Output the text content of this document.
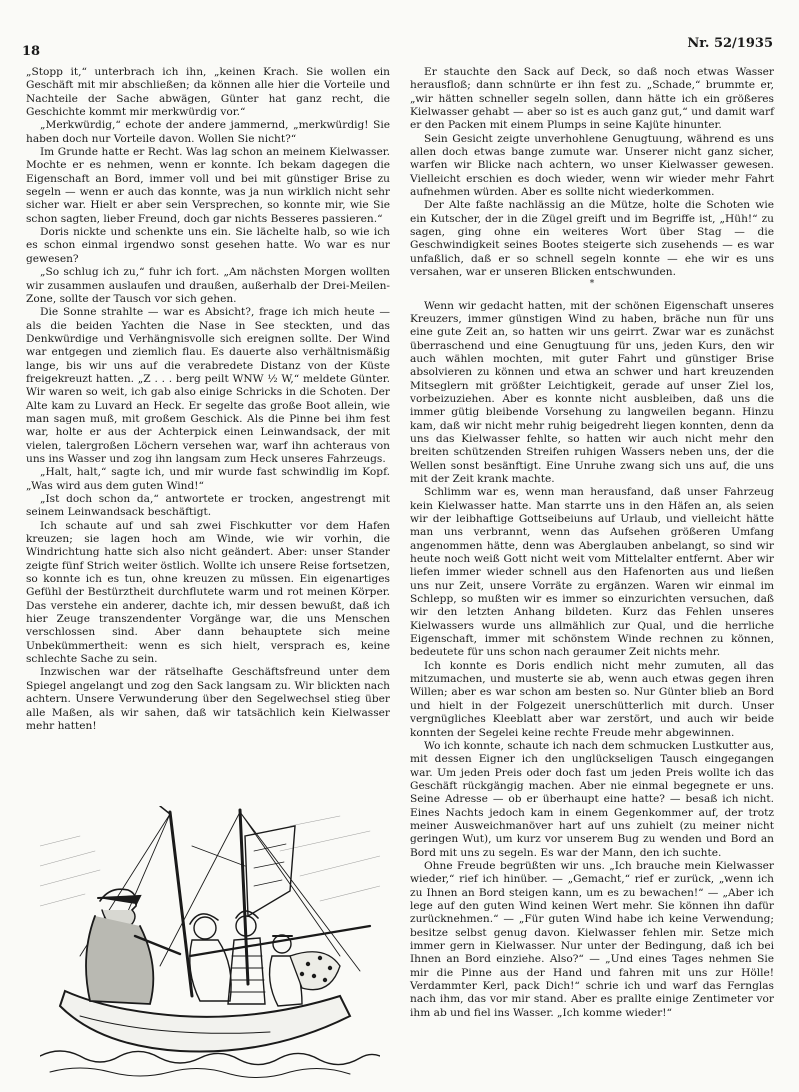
18
Nr. 52/1935

„Stopp it,“ unterbrach ich ihn, „keinen Krach. Sie wollen ein Geschäft mit mir abschließen; da können alle hier die Vorteile und Nachteile der Sache abwägen, Günter hat ganz recht, die Geschichte kommt mir merkwürdig vor.“

„Merkwürdig,“ echote der andere jammernd, „merkwürdig! Sie haben doch nur Vorteile davon. Wollen Sie nicht?“

Im Grunde hatte er Recht. Was lag schon an meinem Kielwasser. Mochte er es nehmen, wenn er konnte. Ich bekam dagegen die Eigenschaft an Bord, immer voll und bei mit günstiger Brise zu segeln — wenn er auch das konnte, was ja nun wirklich nicht sehr sicher war. Hielt er aber sein Versprechen, so konnte mir, wie Sie schon sagten, lieber Freund, doch gar nichts Besseres passieren.“

Doris nickte und schenkte uns ein. Sie lächelte halb, so wie ich es schon einmal irgendwo sonst gesehen hatte. Wo war es nur gewesen?

„So schlug ich zu,“ fuhr ich fort. „Am nächsten Morgen wollten wir zusammen auslaufen und draußen, außerhalb der Drei-Meilen-Zone, sollte der Tausch vor sich gehen.

Die Sonne strahlte — war es Absicht?, frage ich mich heute — als die beiden Yachten die Nase in See steckten, und das Denkwürdige und Verhängnisvolle sich ereignen sollte. Der Wind war entgegen und ziemlich flau. Es dauerte also verhältnismäßig lange, bis wir uns auf die verabredete Distanz von der Küste freigekreuzt hatten. „Z . . . berg peilt WNW ½ W,“ meldete Günter. Wir waren so weit, ich gab also einige Schricks in die Schoten. Der Alte kam zu Luvard an Heck. Er segelte das große Boot allein, wie man sagen muß, mit großem Geschick. Als die Pinne bei ihm fest war, holte er aus der Achterpick einen Leinwandsack, der mit vielen, talergroßen Löchern versehen war, warf ihn achteraus von uns ins Wasser und zog ihn langsam zum Heck unseres Fahrzeugs.

„Halt, halt,“ sagte ich, und mir wurde fast schwindlig im Kopf. „Was wird aus dem guten Wind!“

„Ist doch schon da,“ antwortete er trocken, angestrengt mit seinem Leinwandsack beschäftigt.

Ich schaute auf und sah zwei Fischkutter vor dem Hafen kreuzen; sie lagen hoch am Winde, wie wir vorhin, die Windrichtung hatte sich also nicht geändert. Aber: unser Stander zeigte fünf Strich weiter östlich. Wollte ich unsere Reise fortsetzen, so konnte ich es tun, ohne kreuzen zu müssen. Ein eigenartiges Gefühl der Bestürztheit durchflutete warm und rot meinen Körper. Das verstehe ein anderer, dachte ich, mir dessen bewußt, daß ich hier Zeuge transzendenter Vorgänge war, die uns Menschen verschlossen sind. Aber dann behauptete sich meine Unbekümmertheit: wenn es sich hielt, versprach es, keine schlechte Sache zu sein.

Inzwischen war der rätselhafte Geschäftsfreund unter dem Spiegel angelangt und zog den Sack langsam zu. Wir blickten nach achtern. Unsere Verwunderung über den Segelwechsel stieg über alle Maßen, als wir sahen, daß wir tatsächlich kein Kielwasser mehr hatten!

Er stauchte den Sack auf Deck, so daß noch etwas Wasser herausfloß; dann schnürte er ihn fest zu. „Schade,“ brummte er, „wir hätten schneller segeln sollen, dann hätte ich ein größeres Kielwasser gehabt — aber so ist es auch ganz gut,“ und damit warf er den Packen mit einem Plumps in seine Kajüte hinunter.

Sein Gesicht zeigte unverhohlene Genugtuung, während es uns allen doch etwas bange zumute war. Unserer nicht ganz sicher, warfen wir Blicke nach achtern, wo unser Kielwasser gewesen. Vielleicht erschien es doch wieder, wenn wir wieder mehr Fahrt aufnehmen würden. Aber es sollte nicht wiederkommen.

Der Alte faßte nachlässig an die Mütze, holte die Schoten wie ein Kutscher, der in die Zügel greift und im Begriffe ist, „Hüh!“ zu sagen, ging ohne ein weiteres Wort über Stag — die Geschwindigkeit seines Bootes steigerte sich zusehends — es war unfaßlich, daß er so schnell segeln konnte — ehe wir es uns versahen, war er unseren Blicken entschwunden.

*

Wenn wir gedacht hatten, mit der schönen Eigenschaft unseres Kreuzers, immer günstigen Wind zu haben, bräche nun für uns eine gute Zeit an, so hatten wir uns geirrt. Zwar war es zunächst überraschend und eine Genugtuung für uns, jeden Kurs, den wir auch wählen mochten, mit guter Fahrt und günstiger Brise absolvieren zu können und etwa an schwer und hart kreuzenden Mitseglern mit größter Leichtigkeit, gerade auf unser Ziel los, vorbeizuziehen. Aber es konnte nicht ausbleiben, daß uns die immer gütig bleibende Vorsehung zu langweilen begann. Hinzu kam, daß wir nicht mehr ruhig beigedreht liegen konnten, denn da uns das Kielwasser fehlte, so hatten wir auch nicht mehr den breiten schützenden Streifen ruhigen Wassers neben uns, der die Wellen sonst besänftigt. Eine Unruhe zwang sich uns auf, die uns mit der Zeit krank machte.

Schlimm war es, wenn man herausfand, daß unser Fahrzeug kein Kielwasser hatte. Man starrte uns in den Häfen an, als seien wir der leibhaftige Gottseibeiuns auf Urlaub, und vielleicht hätte man uns verbrannt, wenn das Aufsehen größeren Umfang angenommen hätte, denn was Aberglauben anbelangt, so sind wir heute noch weiß Gott nicht weit vom Mittelalter entfernt. Aber wir liefen immer wieder schnell aus den Hafenorten aus und ließen uns nur Zeit, unsere Vorräte zu ergänzen. Waren wir einmal im Schlepp, so mußten wir es immer so einzurichten versuchen, daß wir den letzten Anhang bildeten. Kurz das Fehlen unseres Kielwassers wurde uns allmählich zur Qual, und die herrliche Eigenschaft, immer mit schönstem Winde rechnen zu können, bedeutete für uns schon nach geraumer Zeit nichts mehr.

Ich konnte es Doris endlich nicht mehr zumuten, all das mitzumachen, und musterte sie ab, wenn auch etwas gegen ihren Willen; aber es war schon am besten so. Nur Günter blieb an Bord und hielt in der Folgezeit unerschütterlich mit durch. Unser vergnügliches Kleeblatt aber war zerstört, und auch wir beide konnten der Segelei keine rechte Freude mehr abgewinnen.

Wo ich konnte, schaute ich nach dem schmucken Lustkutter aus, mit dessen Eigner ich den unglückseligen Tausch eingegangen war. Um jeden Preis oder doch fast um jeden Preis wollte ich das Geschäft rückgängig machen. Aber nie einmal begegnete er uns. Seine Adresse — ob er überhaupt eine hatte? — besaß ich nicht. Eines Nachts jedoch kam in einem Gegenkommer auf, der trotz meiner Ausweichmanöver hart auf uns zuhielt (zu meiner nicht geringen Wut), um kurz vor unserem Bug zu wenden und Bord an Bord mit uns zu segeln. Es war der Mann, den ich suchte.

Ohne Freude begrüßten wir uns. „Ich brauche mein Kielwasser wieder,“ rief ich hinüber. — „Gemacht,“ rief er zurück, „wenn ich zu Ihnen an Bord steigen kann, um es zu bewachen!“ — „Aber ich lege auf den guten Wind keinen Wert mehr. Sie können ihn dafür zurücknehmen.“ — „Für guten Wind habe ich keine Verwendung; besitze selbst genug davon. Kielwasser fehlen mir. Setze mich immer gern in Kielwasser. Nur unter der Bedingung, daß ich bei Ihnen an Bord einziehe. Also?“ — „Und eines Tages nehmen Sie mir die Pinne aus der Hand und fahren mit uns zur Hölle! Verdammter Kerl, pack Dich!“ schrie ich und warf das Fernglas nach ihm, das vor mir stand. Aber es prallte einige Zentimeter vor ihm ab und fiel ins Wasser. „Ich komme wieder!“
